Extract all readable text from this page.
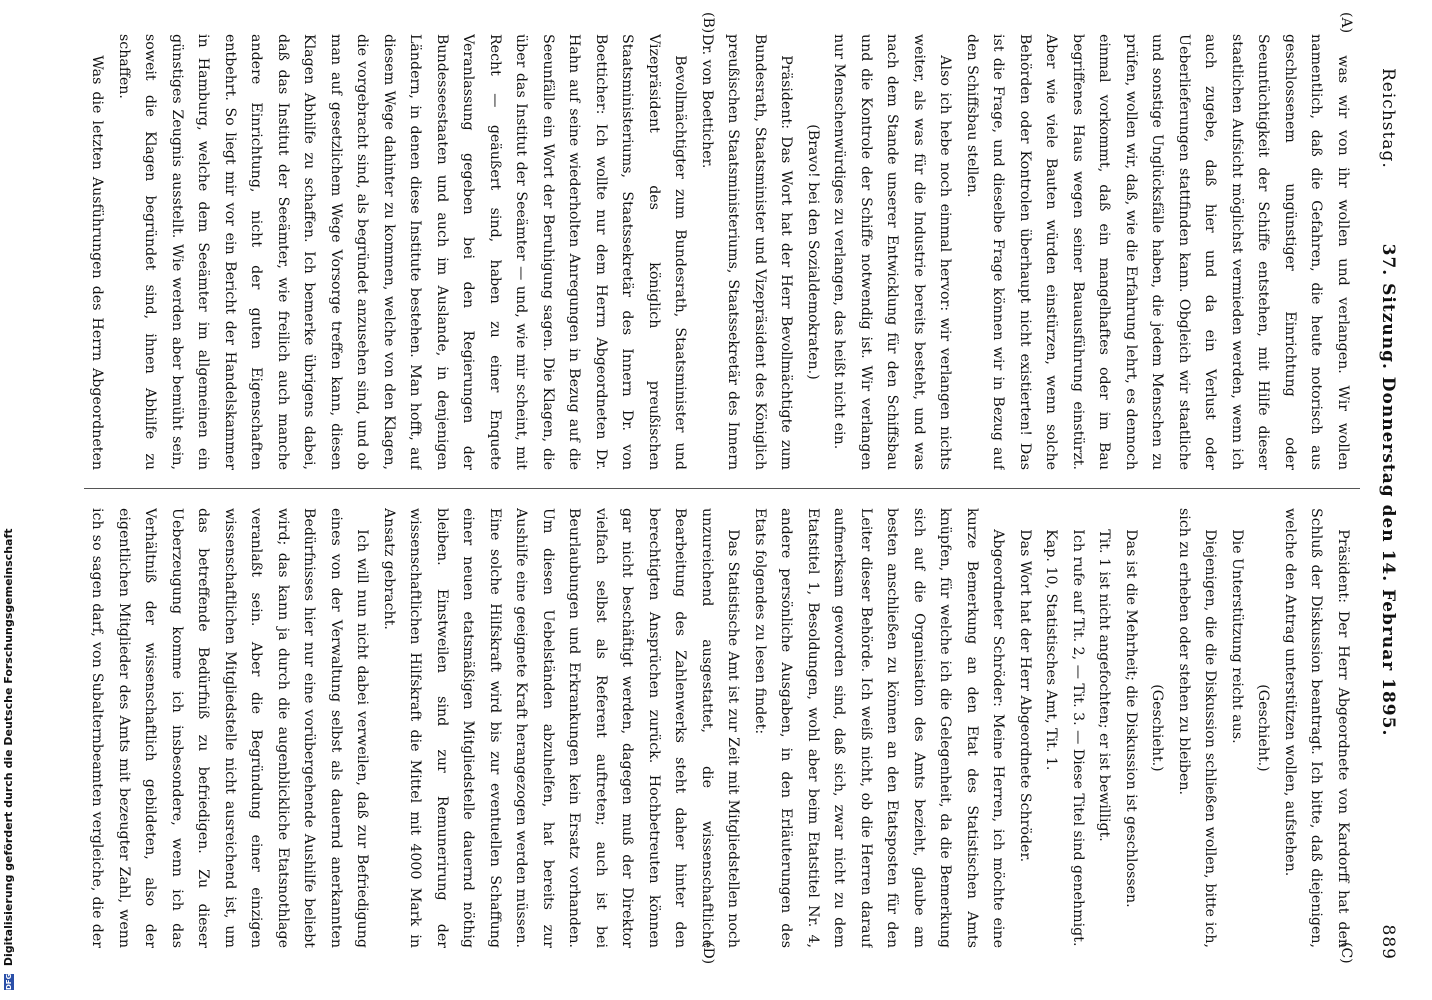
DFG Digitalisierung gefördert durch die Deutsche Forschungsgemeinschaft
Reichstag.
37. Sitzung. Donnerstag den 14. Februar 1895.
889
(A)
(B)
(C)
(D)

was wir von ihr wollen und verlangen. Wir wollen namentlich, daß die Gefahren, die heute notorisch aus geschlossenem ungünstiger Einrichtung oder Seeuntüchtigkeit der Schiffe entstehen, mit Hilfe dieser staatlichen Aufsicht möglichst vermieden werden, wenn ich auch zugebe, daß hier und da ein Verlust oder Ueberlieferungen stattfinden kann. Obgleich wir staatliche und sonstige Unglücksfälle haben, die jedem Menschen zu prüfen, wollen wir, daß, wie die Erfahrung lehrt, es dennoch einmal vorkommt, daß ein mangelhaftes oder im Bau begriffenes Haus wegen seiner Bauausführung einstürzt. Aber wie viele Bauten würden einstürzen, wenn solche Behörden oder Kontrolen überhaupt nicht existierten! Das ist die Frage, und dieselbe Frage können wir in Bezug auf den Schiffsbau stellen.

Also ich hebe noch einmal hervor: wir verlangen nichts weiter, als was für die Industrie bereits besteht, und was nach dem Stande unserer Entwicklung für den Schiffsbau und die Kontrole der Schiffe notwendig ist. Wir verlangen nur Menschenwürdiges zu verlangen, das heißt nicht ein.

(Bravo! bei den Sozialdemokraten.)

Präsident: Das Wort hat der Herr Bevollmächtigte zum Bundesrath, Staatsminister und Vizepräsident des Königlich preußischen Staatsministeriums, Staatssekretär des Innern Dr. von Boetticher.

Bevollmächtigter zum Bundesrath, Staatsminister und Vizepräsident des königlich preußischen Staatsministeriums, Staatssekretär des Innern Dr. von Boetticher: Ich wollte nur dem Herrn Abgeordneten Dr. Hahn auf seine wiederholten Anregungen in Bezug auf die Seeunfälle ein Wort der Beruhigung sagen. Die Klagen, die über das Institut der Seeämter — und, wie mir scheint, mit Recht — geäußert sind, haben zu einer Enquete Veranlassung gegeben bei den Regierungen der Bundesseestaaten und auch im Auslande, in denjenigen Ländern, in denen diese Institute bestehen. Man hofft, auf diesem Wege dahinter zu kommen, welche von den Klagen, die vorgebracht sind, als begründet anzusehen sind, und ob man auf gesetzlichem Wege Vorsorge treffen kann, diesen Klagen Abhilfe zu schaffen. Ich bemerke übrigens dabei, daß das Institut der Seeämter, wie freilich auch manche andere Einrichtung, nicht der guten Eigenschaften entbehrt. So liegt mir vor ein Bericht der Handelskammer in Hamburg, welche dem Seeämter im allgemeinen ein günstiges Zeugnis ausstellt. Wie werden aber bemüht sein, soweit die Klagen begründet sind, ihnen Abhilfe zu schaffen.

Was die letzten Ausführungen des Herrn Abgeordneten

Präsident: Der Herr Abgeordnete von Kardorff hat den Schluß der Diskussion beantragt. Ich bitte, daß diejenigen, welche den Antrag unterstützen wollen, aufstehen.

(Geschieht.)

Die Unterstützung reicht aus.

Diejenigen, die die Diskussion schließen wollen, bitte ich, sich zu erheben oder stehen zu bleiben.

(Geschieht.)

Das ist die Mehrheit; die Diskussion ist geschlossen.

Tit. 1 ist nicht angefochten; er ist bewilligt.

Ich rufe auf Tit. 2, — Tit. 3. — Diese Titel sind genehmigt.

Kap. 10, Statistisches Amt, Tit. 1.

Das Wort hat der Herr Abgeordnete Schröder.

Abgeordneter Schröder: Meine Herren, ich möchte eine kurze Bemerkung an den Etat des Statistischen Amts knüpfen, für welche ich die Gelegenheit, da die Bemerkung sich auf die Organisation des Amts bezieht, glaube am besten anschließen zu können an den Etatsposten für den Leiter dieser Behörde. Ich weiß nicht, ob die Herren darauf aufmerksam geworden sind, daß sich, zwar nicht zu dem Etatstitel 1, Besoldungen, wohl aber beim Etatstitel Nr. 4, andere persönliche Ausgaben, in den Erläuterungen des Etats folgendes zu lesen findet:

Das Statistische Amt ist zur Zeit mit Mitgliedstellen noch unzureichend ausgestattet, die wissenschaftliche Bearbeitung des Zahlenwerks steht daher hinter den berechtigten Ansprüchen zurück. Hochbetreuten können gar nicht beschäftigt werden, dagegen muß der Direktor vielfach selbst als Referent auftreten; auch ist bei Beurlaubungen und Erkrankungen kein Ersatz vorhanden. Um diesen Uebelständen abzuhelfen, hat bereits zur Aushilfe eine geeignete Kraft herangezogen werden müssen. Eine solche Hilfskraft wird bis zur eventuellen Schaffung einer neuen etatsmäßigen Mitgliedstelle dauernd nöthig bleiben. Einstweilen sind zur Remunerirung der wissenschaftlichen Hilfskraft die Mittel mit 4000 Mark in Ansatz gebracht.

Ich will nun nicht dabei verweilen, daß zur Befriedigung eines von der Verwaltung selbst als dauernd anerkannten Bedürfnisses hier nur eine vorübergehende Aushilfe beliebt wird; das kann ja durch die augenblickliche Etatsnothlage veranlaßt sein. Aber die Begründung einer einzigen wissenschaftlichen Mitgliedstelle nicht ausreichend ist, um das betreffende Bedürfniß zu befriedigen. Zu dieser Ueberzeugung komme ich insbesondere, wenn ich das Verhältniß der wissenschaftlich gebildeten, also der eigentlichen Mitglieder des Amts mit bezeugter Zahl, wenn ich so sagen darf, von Subalternbeamten vergleiche, die der
